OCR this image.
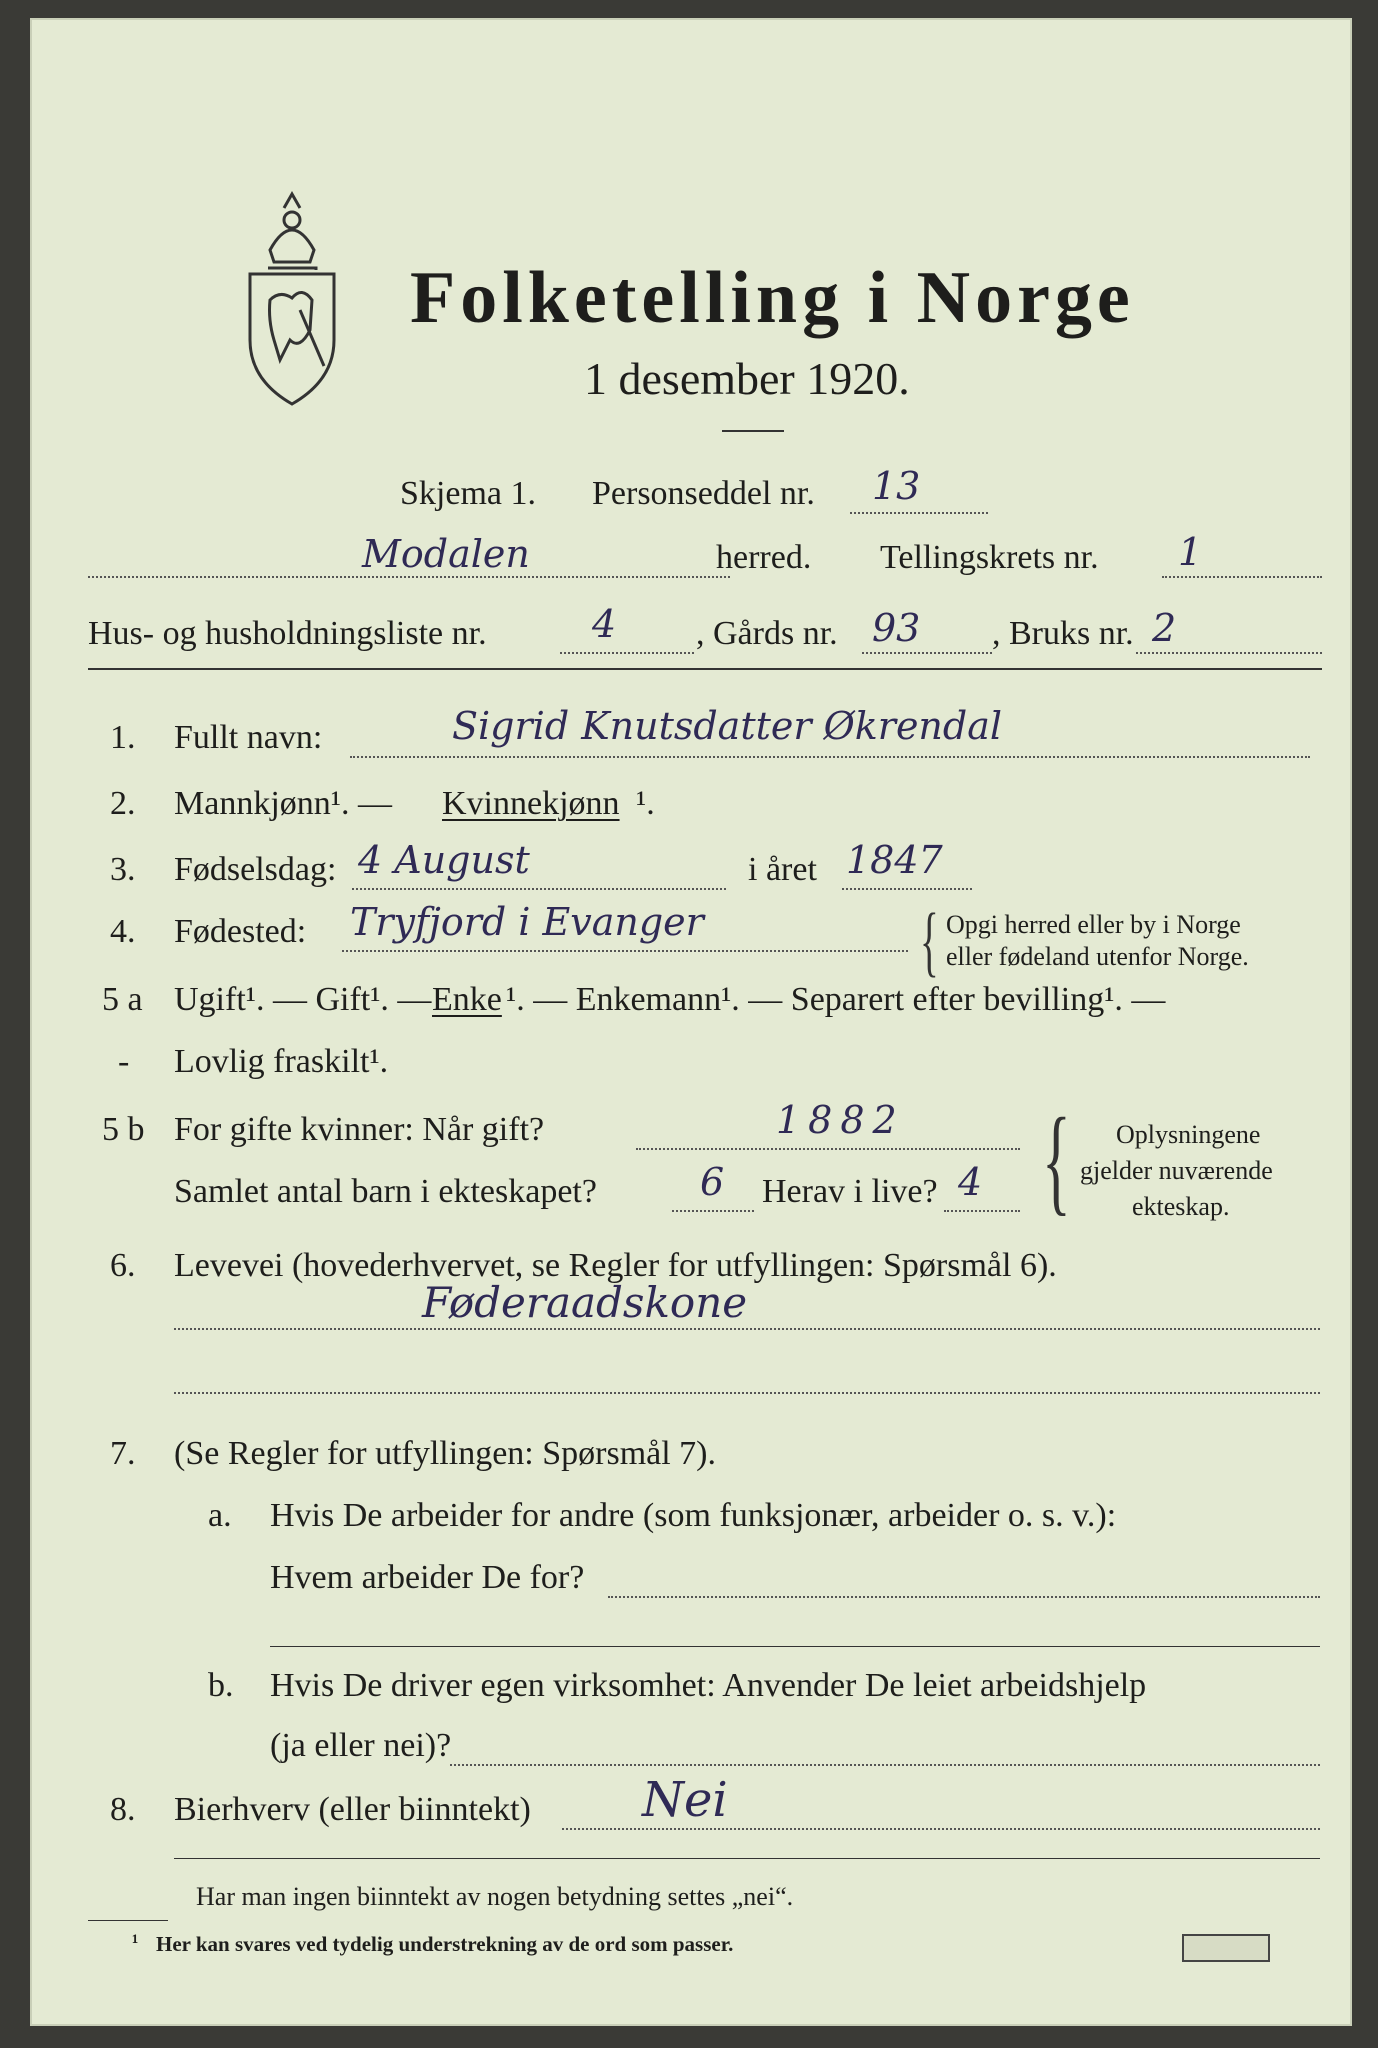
Folketelling i Norge
1 desember 1920.
Skjema 1. Personseddel nr. 13
Modalen	herred. Tellingskrets nr. 1
Hus- og husholdningsliste nr.	4 , Gårds nr. 93 , Bruks nr. 2
1. Fullt navn:	Sigrid Knutsdatter Økrendal
2. Mannkjønn¹. — Kvinnekjønn ¹.
3. Fødselsdag: 4 August	i året 1847
4. Fødested: Tryfjord i Evanger	{ Opgi herred eller by i Norge
eller fødeland utenfor Norge.
5 a Ugift¹. — Gift¹. — Enke ¹. — Enkemann¹. — Separert efter bevilling¹. —
- Lovlig fraskilt¹.
5 b For gifte kvinner: Når gift?	1882
Samlet antal barn i ekteskapet?	6 Herav i live? 4 { Oplysningene
gjelder nuværende
ekteskap.
6. Levevei (hovederhvervet, se Regler for utfyllingen: Spørsmål 6).
Føderaadskone
7. (Se Regler for utfyllingen: Spørsmål 7).
a. Hvis De arbeider for andre (som funksjonær, arbeider o. s. v.):
Hvem arbeider De for?
b. Hvis De driver egen virksomhet: Anvender De leiet arbeidshjelp
(ja eller nei)?
8. Bierhverv (eller biinntekt) Nei
Har man ingen biinntekt av nogen betydning settes „nei“.
¹ Her kan svares ved tydelig understrekning av de ord som passer.
